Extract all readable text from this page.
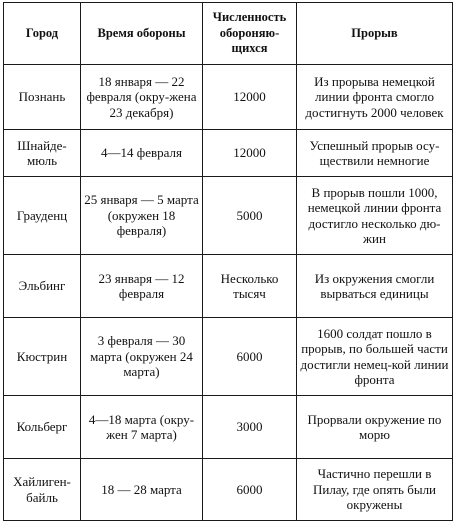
Город	Время обороны	Численность обороняю-щихся	Прорыв
Познань	18 января — 22 февраля (окру-жена 23 декабря)	12000	Из прорыва немецкой линии фронта смогло достигнуть 2000 человек
Шнайде-мюль	4—14 февраля	12000	Успешный прорыв осу-ществили немногие
Грауденц	25 января — 5 марта (окружен 18 февраля)	5000	В прорыв пошли 1000, немецкой линии фронта достигло несколько дю-жин
Эльбинг	23 января — 12 февраля	Несколько тысяч	Из окружения смогли вырваться единицы
Кюстрин	3 февраля — 30 марта (окружен 24 марта)	6000	1600 солдат пошло в прорыв, по большей части достигли немец-кой линии фронта
Кольберг	4—18 марта (окру-жен 7 марта)	3000	Прорвали окружение по морю
Хайлиген-байль	18 — 28 марта	6000	Частично перешли в Пилау, где опять были окружены
